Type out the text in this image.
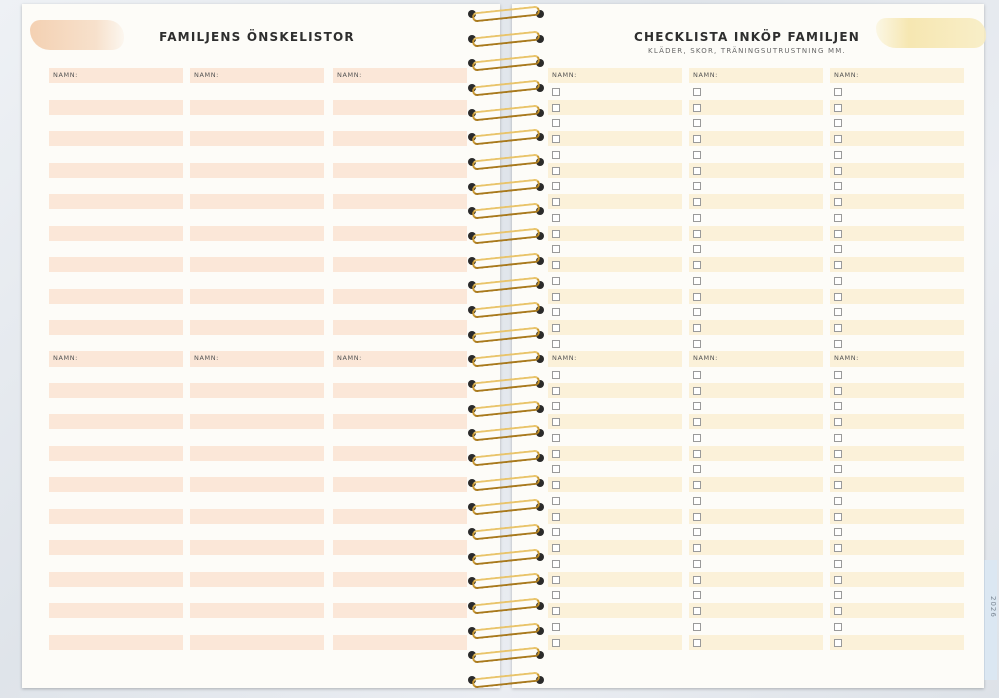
FAMILJENS ÖNSKELISTOR
NAMN:	NAMN:	NAMN:
NAMN:	NAMN:	NAMN:
CHECKLISTA INKÖP FAMILJEN
KLÄDER, SKOR, TRÄNINGSUTRUSTNING MM.
NAMN:	NAMN:	NAMN:
NAMN:	NAMN:	NAMN:
2026
